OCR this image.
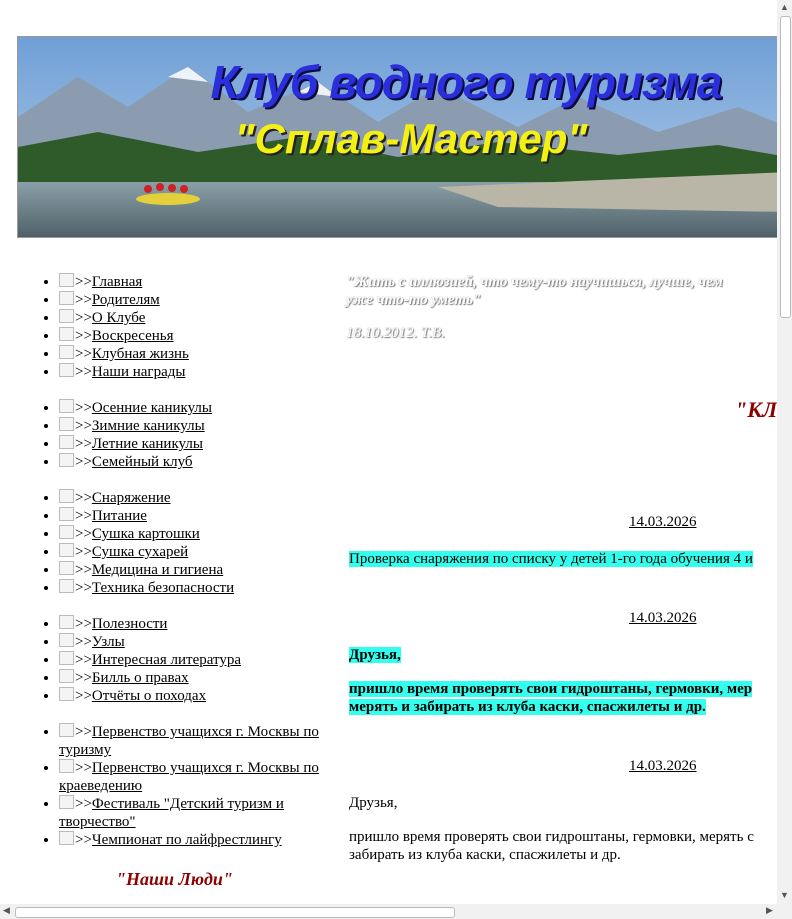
Клуб водного туризма
"Сплав-Мастер"
• >>Главная
• >>Родителям
• >>О Клубе
• >>Воскресенья
• >>Клубная жизнь
• >>Наши награды
• >>Осенние каникулы
• >>Зимние каникулы
• >>Летние каникулы
• >>Семейный клуб
• >>Снаряжение
• >>Питание
• >>Сушка картошки
• >>Сушка сухарей
• >>Медицина и гигиена
• >>Техника безопасности
• >>Полезности
• >>Узлы
• >>Интересная литература
• >>Билль о правах
• >>Отчёты о походах
• >>Первенство учащихся г. Москвы по туризму
• >>Первенство учащихся г. Москвы по краеведению
• >>Фестиваль "Детский туризм и творчество"
• >>Чемпионат по лайфрестлингу
"Наши Люди"
"Жить с иллюзией, что чему-то научишься, лучше, чем уже что-то уметь"
18.10.2012. Т.В.
"КЛ
14.03.2026
Проверка снаряжения по списку у детей 1-го года обучения 4 и
14.03.2026
Друзья,
пришло время проверять свои гидроштаны, гермовки, мер
мерять и забирать из клуба каски, спасжилеты и др.
14.03.2026
Друзья,
пришло время проверять свои гидроштаны, гермовки, мерять с
забирать из клуба каски, спасжилеты и др.
▲
▼
◀	▶
